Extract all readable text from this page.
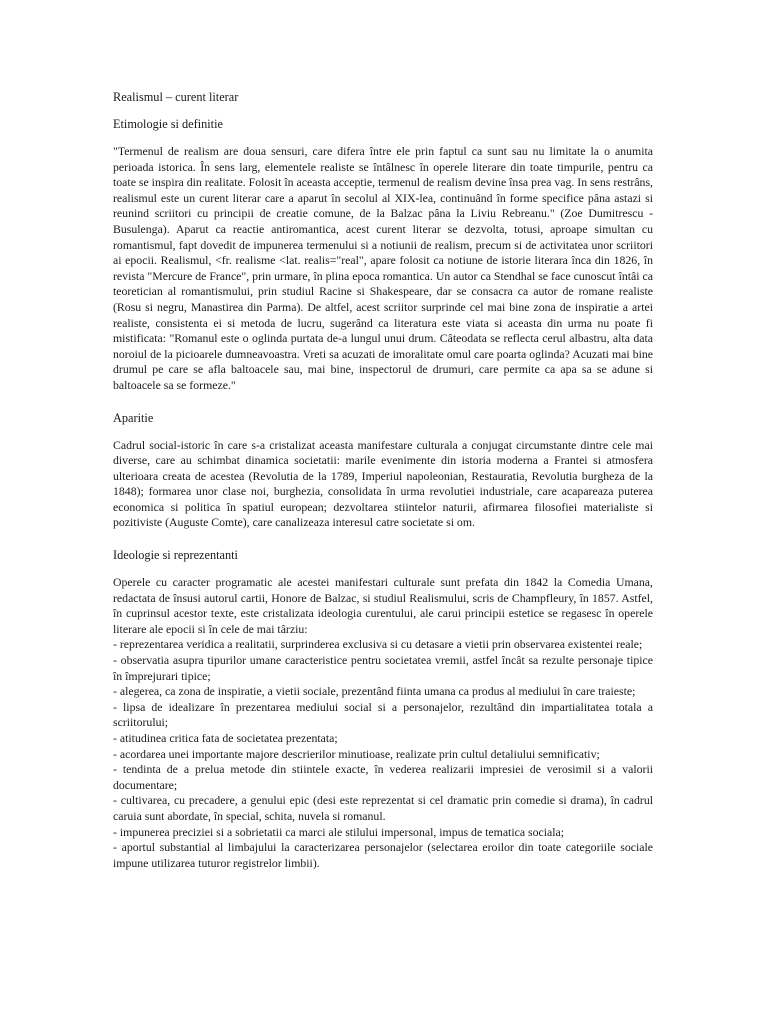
Realismul – curent literar
Etimologie si definitie

"Termenul de realism are doua sensuri, care difera între ele prin faptul ca sunt sau nu limitate la o anumita perioada istorica. În sens larg, elementele realiste se întâlnesc în operele literare din toate timpurile, pentru ca toate se inspira din realitate. Folosit în aceasta acceptie, termenul de realism devine însa prea vag. In sens restrâns, realismul este un curent literar care a aparut în secolul al XIX-lea, continuând în forme specifice pâna astazi si reunind scriitori cu principii de creatie comune, de la Balzac pâna la Liviu Rebreanu." (Zoe Dumitrescu - Busulenga). Aparut ca reactie antiromantica, acest curent literar se dezvolta, totusi, aproape simultan cu romantismul, fapt dovedit de impunerea termenului si a notiunii de realism, precum si de activitatea unor scriitori ai epocii. Realismul, <fr. realisme <lat. realis="real", apare folosit ca notiune de istorie literara înca din 1826, în revista "Mercure de France", prin urmare, în plina epoca romantica. Un autor ca Stendhal se face cunoscut întâi ca teoretician al romantismului, prin studiul Racine si Shakespeare, dar se consacra ca autor de romane realiste (Rosu si negru, Manastirea din Parma). De altfel, acest scriitor surprinde cel mai bine zona de inspiratie a artei realiste, consistenta ei si metoda de lucru, sugerând ca literatura este viata si aceasta din urma nu poate fi mistificata: "Romanul este o oglinda purtata de-a lungul unui drum. Câteodata se reflecta cerul albastru, alta data noroiul de la picioarele dumneavoastra. Vreti sa acuzati de imoralitate omul care poarta oglinda? Acuzati mai bine drumul pe care se afla baltoacele sau, mai bine, inspectorul de drumuri, care permite ca apa sa se adune si baltoacele sa se formeze."

Aparitie

Cadrul social-istoric în care s-a cristalizat aceasta manifestare culturala a conjugat circumstante dintre cele mai diverse, care au schimbat dinamica societatii: marile evenimente din istoria moderna a Frantei si atmosfera ulterioara creata de acestea (Revolutia de la 1789, Imperiul napoleonian, Restauratia, Revolutia burgheza de la 1848); formarea unor clase noi, burghezia, consolidata în urma revolutiei industriale, care acapareaza puterea economica si politica în spatiul european; dezvoltarea stiintelor naturii, afirmarea filosofiei materialiste si pozitiviste (Auguste Comte), care canalizeaza interesul catre societate si om.

Ideologie si reprezentanti

Operele cu caracter programatic ale acestei manifestari culturale sunt prefata din 1842 la Comedia Umana, redactata de însusi autorul cartii, Honore de Balzac, si studiul Realismului, scris de Champfleury, în 1857. Astfel, în cuprinsul acestor texte, este cristalizata ideologia curentului, ale carui principii estetice se regasesc în operele literare ale epocii si în cele de mai târziu:

- reprezentarea veridica a realitatii, surprinderea exclusiva si cu detasare a vietii prin observarea existentei reale;
- observatia asupra tipurilor umane caracteristice pentru societatea vremii, astfel încât sa rezulte personaje tipice în împrejurari tipice;
- alegerea, ca zona de inspiratie, a vietii sociale, prezentând fiinta umana ca produs al mediului în care traieste;
- lipsa de idealizare în prezentarea mediului social si a personajelor, rezultând din impartialitatea totala a scriitorului;
- atitudinea critica fata de societatea prezentata;
- acordarea unei importante majore descrierilor minutioase, realizate prin cultul detaliului semnificativ;
- tendinta de a prelua metode din stiintele exacte, în vederea realizarii impresiei de verosimil si a valorii documentare;
- cultivarea, cu precadere, a genului epic (desi este reprezentat si cel dramatic prin comedie si drama), în cadrul caruia sunt abordate, în special, schita, nuvela si romanul.
- impunerea preciziei si a sobrietatii ca marci ale stilului impersonal, impus de tematica sociala;
- aportul substantial al limbajului la caracterizarea personajelor (selectarea eroilor din toate categoriile sociale impune utilizarea tuturor registrelor limbii).
